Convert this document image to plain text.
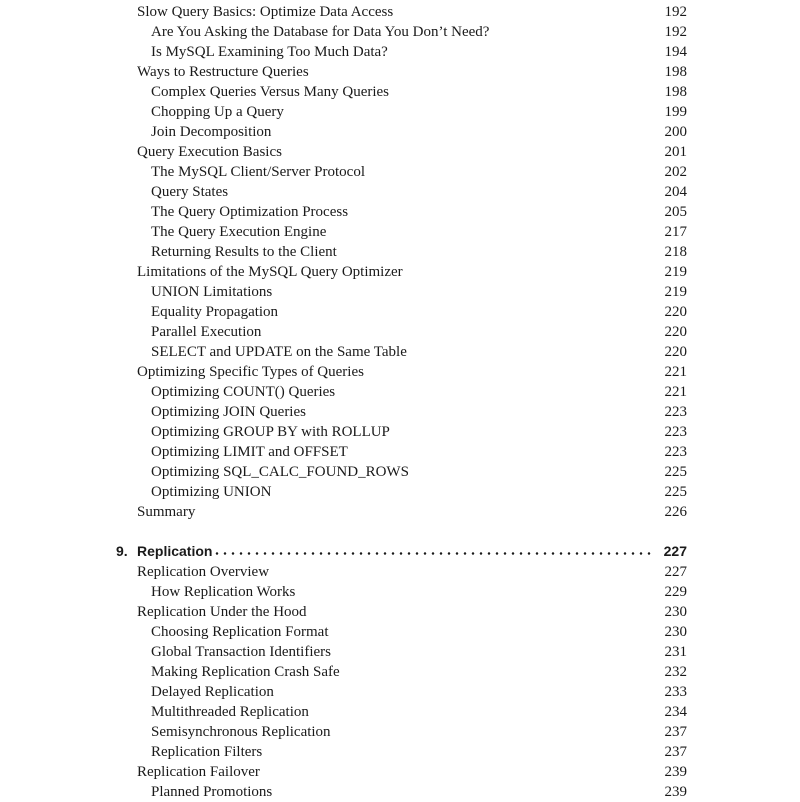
Slow Query Basics: Optimize Data Access	192
Are You Asking the Database for Data You Don’t Need?	192
Is MySQL Examining Too Much Data?	194
Ways to Restructure Queries	198
Complex Queries Versus Many Queries	198
Chopping Up a Query	199
Join Decomposition	200
Query Execution Basics	201
The MySQL Client/Server Protocol	202
Query States	204
The Query Optimization Process	205
The Query Execution Engine	217
Returning Results to the Client	218
Limitations of the MySQL Query Optimizer	219
UNION Limitations	219
Equality Propagation	220
Parallel Execution	220
SELECT and UPDATE on the Same Table	220
Optimizing Specific Types of Queries	221
Optimizing COUNT() Queries	221
Optimizing JOIN Queries	223
Optimizing GROUP BY with ROLLUP	223
Optimizing LIMIT and OFFSET	223
Optimizing SQL_CALC_FOUND_ROWS	225
Optimizing UNION	225
Summary	226
9. Replication	227
Replication Overview	227
How Replication Works	229
Replication Under the Hood	230
Choosing Replication Format	230
Global Transaction Identifiers	231
Making Replication Crash Safe	232
Delayed Replication	233
Multithreaded Replication	234
Semisynchronous Replication	237
Replication Filters	237
Replication Failover	239
Planned Promotions	239
